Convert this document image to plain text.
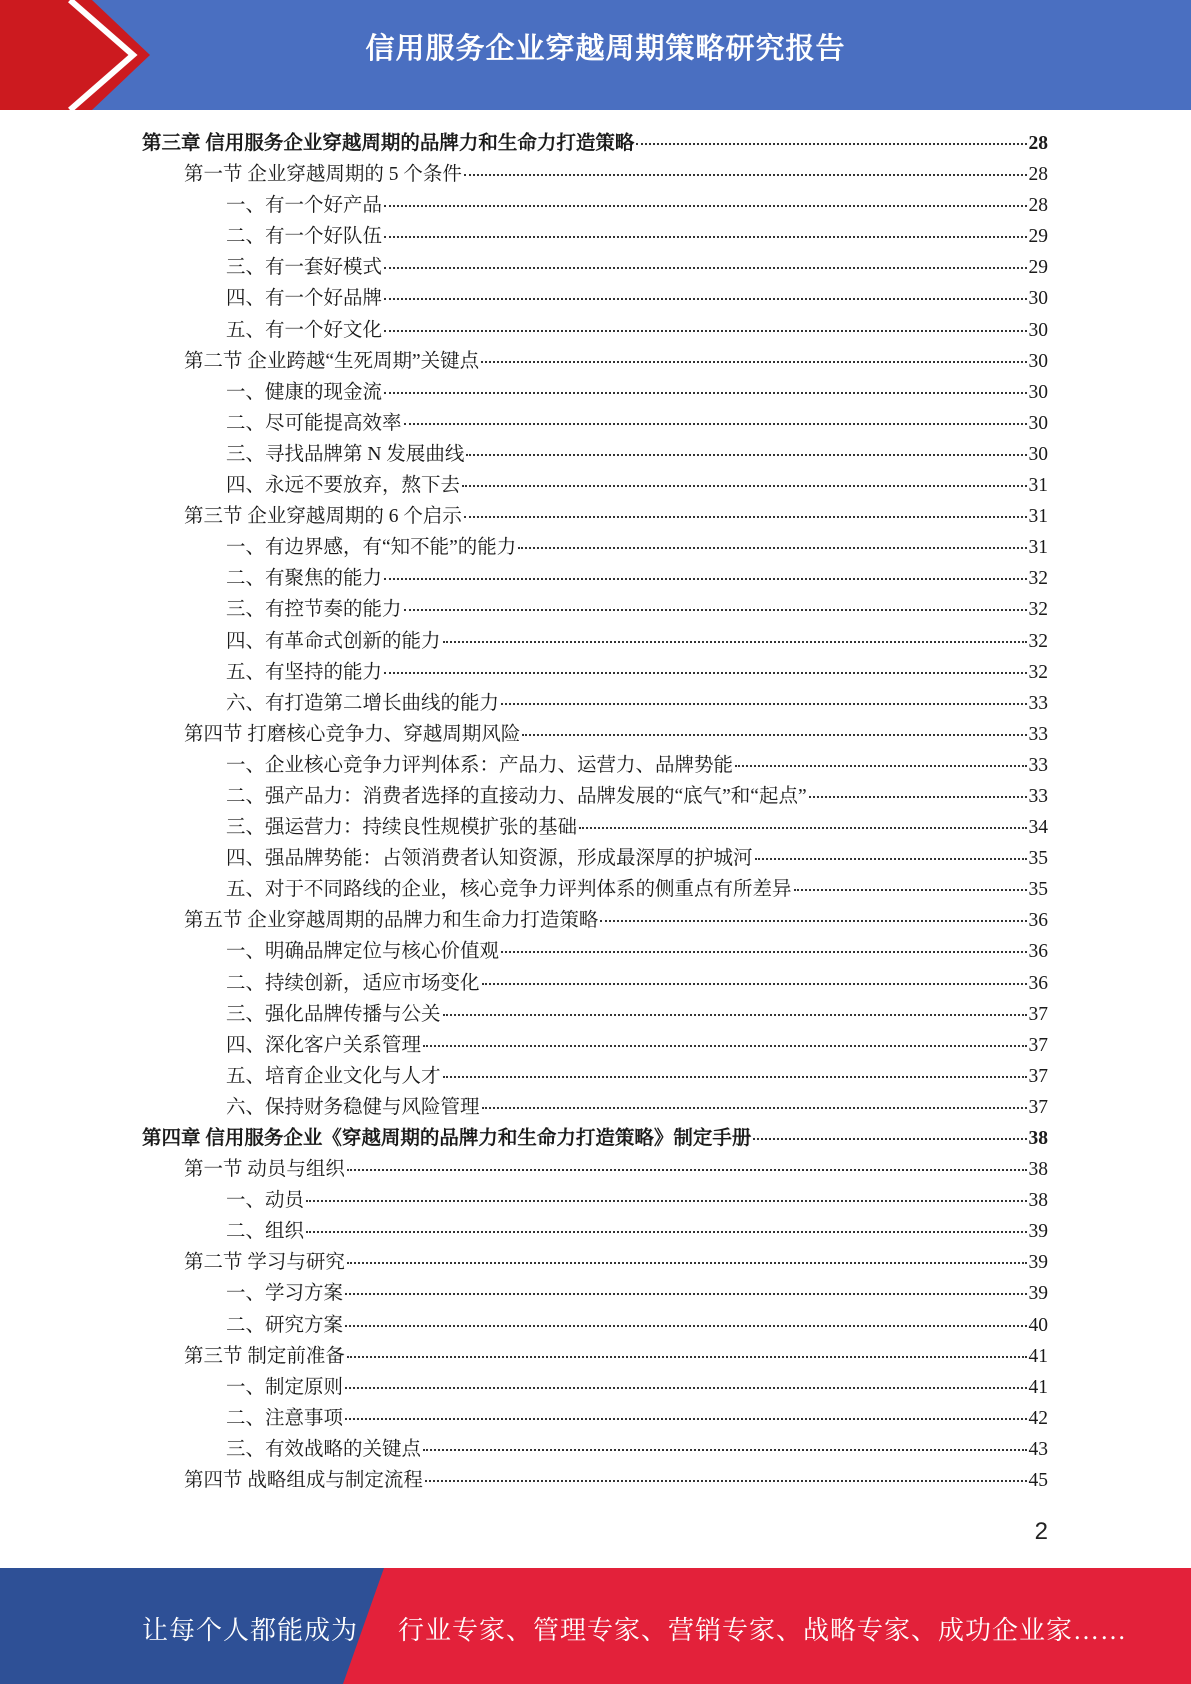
信用服务企业穿越周期策略研究报告
第三章 信用服务企业穿越周期的品牌力和生命力打造策略	28
第一节 企业穿越周期的 5 个条件	28
一、有一个好产品	28
二、有一个好队伍	29
三、有一套好模式	29
四、有一个好品牌	30
五、有一个好文化	30
第二节 企业跨越“生死周期”关键点	30
一、健康的现金流	30
二、尽可能提高效率	30
三、寻找品牌第 N 发展曲线	30
四、永远不要放弃，熬下去	31
第三节 企业穿越周期的 6 个启示	31
一、有边界感，有“知不能”的能力	31
二、有聚焦的能力	32
三、有控节奏的能力	32
四、有革命式创新的能力	32
五、有坚持的能力	32
六、有打造第二增长曲线的能力	33
第四节 打磨核心竞争力、穿越周期风险	33
一、企业核心竞争力评判体系：产品力、运营力、品牌势能	33
二、强产品力：消费者选择的直接动力、品牌发展的“底气”和“起点”	33
三、强运营力：持续良性规模扩张的基础	34
四、强品牌势能：占领消费者认知资源，形成最深厚的护城河	35
五、对于不同路线的企业，核心竞争力评判体系的侧重点有所差异	35
第五节 企业穿越周期的品牌力和生命力打造策略	36
一、明确品牌定位与核心价值观	36
二、持续创新，适应市场变化	36
三、强化品牌传播与公关	37
四、深化客户关系管理	37
五、培育企业文化与人才	37
六、保持财务稳健与风险管理	37
第四章 信用服务企业《穿越周期的品牌力和生命力打造策略》制定手册	38
第一节 动员与组织	38
一、动员	38
二、组织	39
第二节 学习与研究	39
一、学习方案	39
二、研究方案	40
第三节 制定前准备	41
一、制定原则	41
二、注意事项	42
三、有效战略的关键点	43
第四节 战略组成与制定流程	45
2
让每个人都能成为 行业专家、管理专家、营销专家、战略专家、成功企业家……
